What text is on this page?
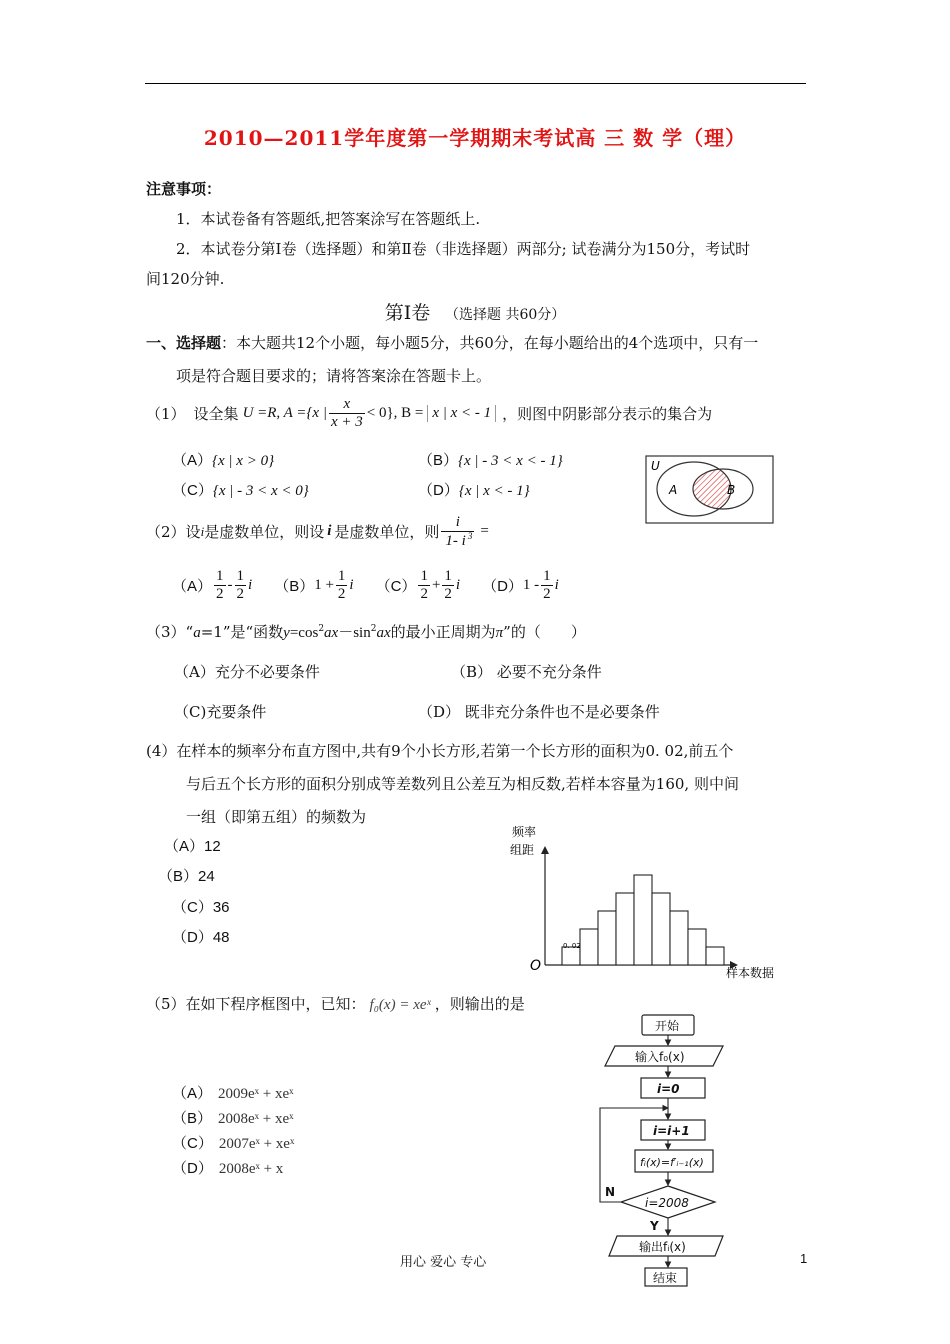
2010—2011学年度第一学期期末考试高 三 数 学（理）
注意事项：
1．本试卷备有答题纸,把答案涂写在答题纸上.
2．本试卷分第Ⅰ卷（选择题）和第Ⅱ卷（非选择题）两部分; 试卷满分为150分，考试时
间120分钟.
第Ⅰ卷 （选择题 共60分）
一、选择题：本大题共12个小题，每小题5分，共60分，在每小题给出的4个选项中，只有一
项是符合题目要求的；请将答案涂在答题卡上。
（1） 设全集 U =R, A ={x | $\frac{x}{x + 3} < 0$}, B = x | x < - 1 ，则图中阴影部分表示的集合为
（A）{x | x > 0}	（B）{x | - 3 < x < - 1}
（C）{x | - 3 < x < 0}	（D）{x | x < - 1}
U
A	B
（2） 设 i 是虚数单位，则设 i 是虚数单位，则 $\frac{i}{1- i ^3}$ =
$(A) \frac{1}{2} - \frac{1}{2}$ i （B） $1 + \frac{1}{2}$ i $(C) \frac{1}{2} + \frac{1}{2}$ i （D） $1 - \frac{1}{2}$ i
（3）“a=1”是“函数$y=\cos^2ax-\sin^2ax$的最小正周期为π”的（　　）
（A）充分不必要条件	（B） 必要不充分条件
（C)充要条件	（D） 既非充分条件也不是必要条件
(4）在样本的频率分布直方图中,共有9个小长方形,若第一个长方形的面积为0. 02,前五个
与后五个长方形的面积分别成等差数列且公差互为相反数,若样本容量为160, 则中间
一组（即第五组）的频数为
（A）12
（B）24
（C）36
（D）48
频率
组距
O	样本数据
0. 02
（5）在如下程序框图中，已知： f₀(x) = xeˣ ，则输出的是
（A） 2009eˣ + xeˣ
（B） 2008eˣ + xeˣ
（C） 2007eˣ + xeˣ
（D） 2008eˣ + x
开始
输入f₀(x)
i=0
i=i+1
fᵢ(x)=f′ᵢ₋₁(x)
i=2008
N
Y
输出fᵢ(x)
结束
用心 爱心 专心	1
